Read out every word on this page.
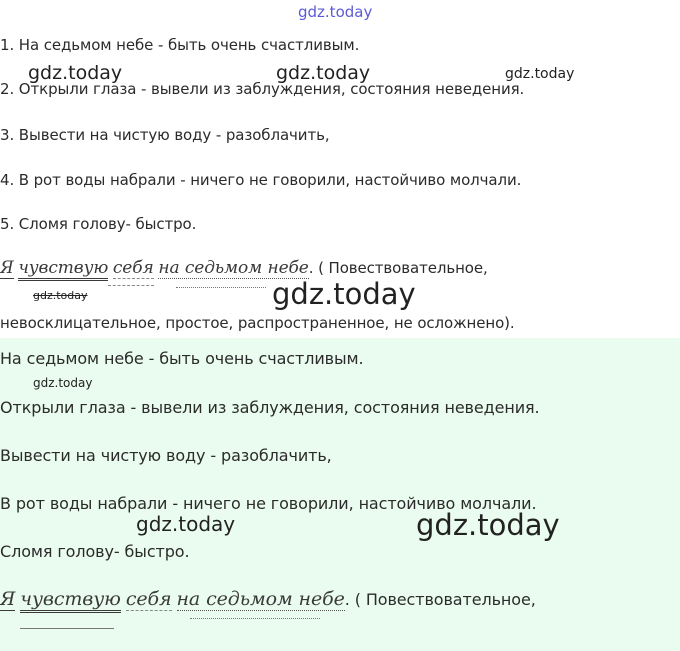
gdz.today
1. На седьмом небе - быть очень счастливым.
gdz.today	gdz.today	gdz.today
2. Открыли глаза - вывели из заблуждения, состояния неведения.
3. Вывести на чистую воду - разоблачить,
4. В рот воды набрали - ничего не говорили, настойчиво молчали.
5. Сломя голову- быстро.
Я чувствую себя на седьмом небе. ( Повествовательное,
gdz.today	gdz.today
невосклицательное, простое, распространенное, не осложнено).
На седьмом небе - быть очень счастливым.
gdz.today
Открыли глаза - вывели из заблуждения, состояния неведения.
Вывести на чистую воду - разоблачить,
В рот воды набрали - ничего не говорили, настойчиво молчали.
gdz.today	gdz.today
Сломя голову- быстро.
Я чувствую себя на седьмом небе. ( Повествовательное,
